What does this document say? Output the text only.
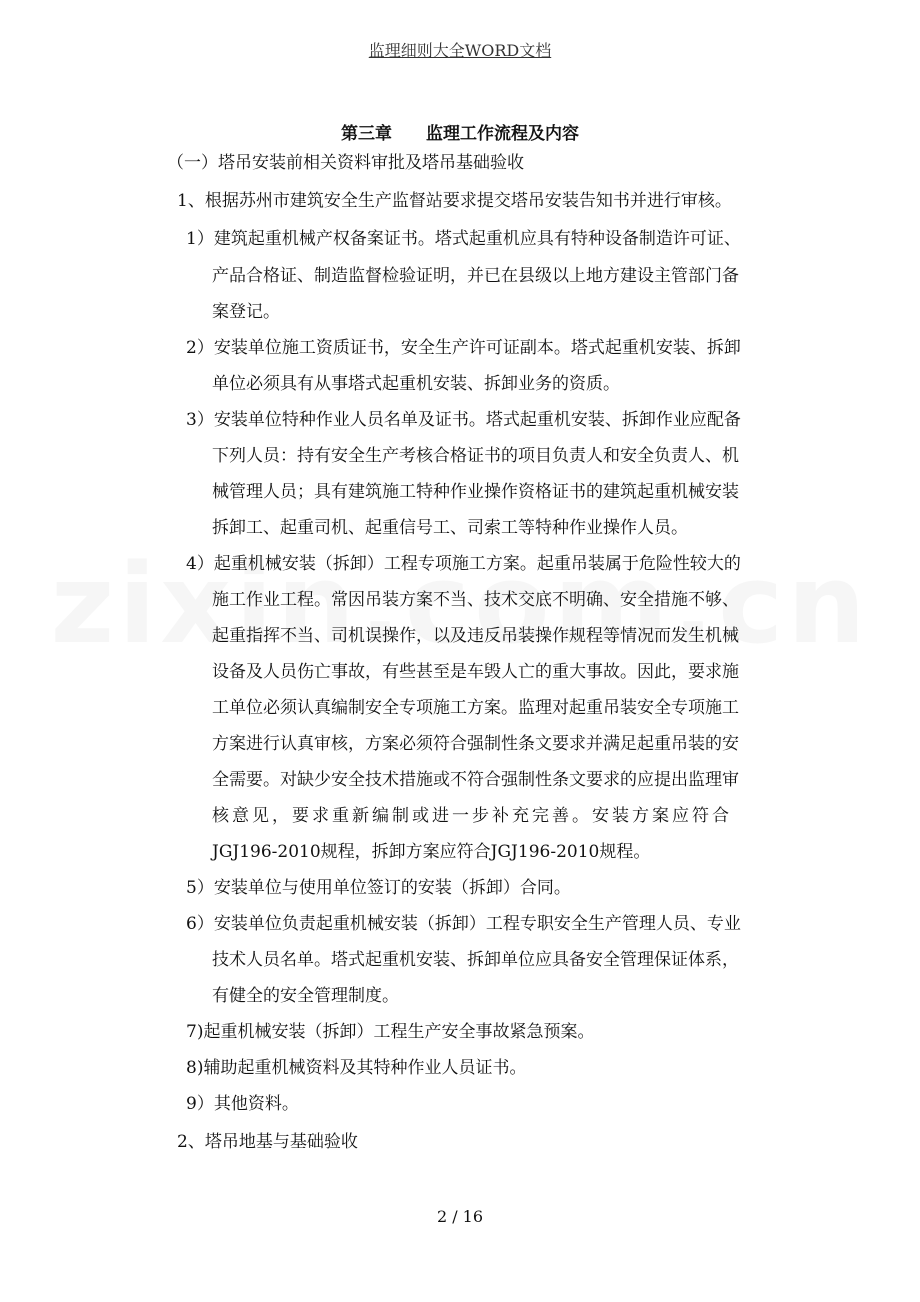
监理细则大全WORD文档
第三章 监理工作流程及内容
（一）塔吊安装前相关资料审批及塔吊基础验收
1、根据苏州市建筑安全生产监督站要求提交塔吊安装告知书并进行审核。
1）建筑起重机械产权备案证书。塔式起重机应具有特种设备制造许可证、
产品合格证、制造监督检验证明，并已在县级以上地方建设主管部门备
案登记。
2）安装单位施工资质证书，安全生产许可证副本。塔式起重机安装、拆卸
单位必须具有从事塔式起重机安装、拆卸业务的资质。
3）安装单位特种作业人员名单及证书。塔式起重机安装、拆卸作业应配备
下列人员：持有安全生产考核合格证书的项目负责人和安全负责人、机
械管理人员；具有建筑施工特种作业操作资格证书的建筑起重机械安装
拆卸工、起重司机、起重信号工、司索工等特种作业操作人员。
4）起重机械安装（拆卸）工程专项施工方案。起重吊装属于危险性较大的
施工作业工程。常因吊装方案不当、技术交底不明确、安全措施不够、
起重指挥不当、司机误操作，以及违反吊装操作规程等情况而发生机械
设备及人员伤亡事故，有些甚至是车毁人亡的重大事故。因此，要求施
工单位必须认真编制安全专项施工方案。监理对起重吊装安全专项施工
方案进行认真审核，方案必须符合强制性条文要求并满足起重吊装的安
全需要。对缺少安全技术措施或不符合强制性条文要求的应提出监理审
核意见，要求重新编制或进一步补充完善。安装方案应符合
JGJ196-2010规程，拆卸方案应符合JGJ196-2010规程。
5）安装单位与使用单位签订的安装（拆卸）合同。
6）安装单位负责起重机械安装（拆卸）工程专职安全生产管理人员、专业
技术人员名单。塔式起重机安装、拆卸单位应具备安全管理保证体系，
有健全的安全管理制度。
7)起重机械安装（拆卸）工程生产安全事故紧急预案。
8)辅助起重机械资料及其特种作业人员证书。
9）其他资料。
2、塔吊地基与基础验收
2 / 16
